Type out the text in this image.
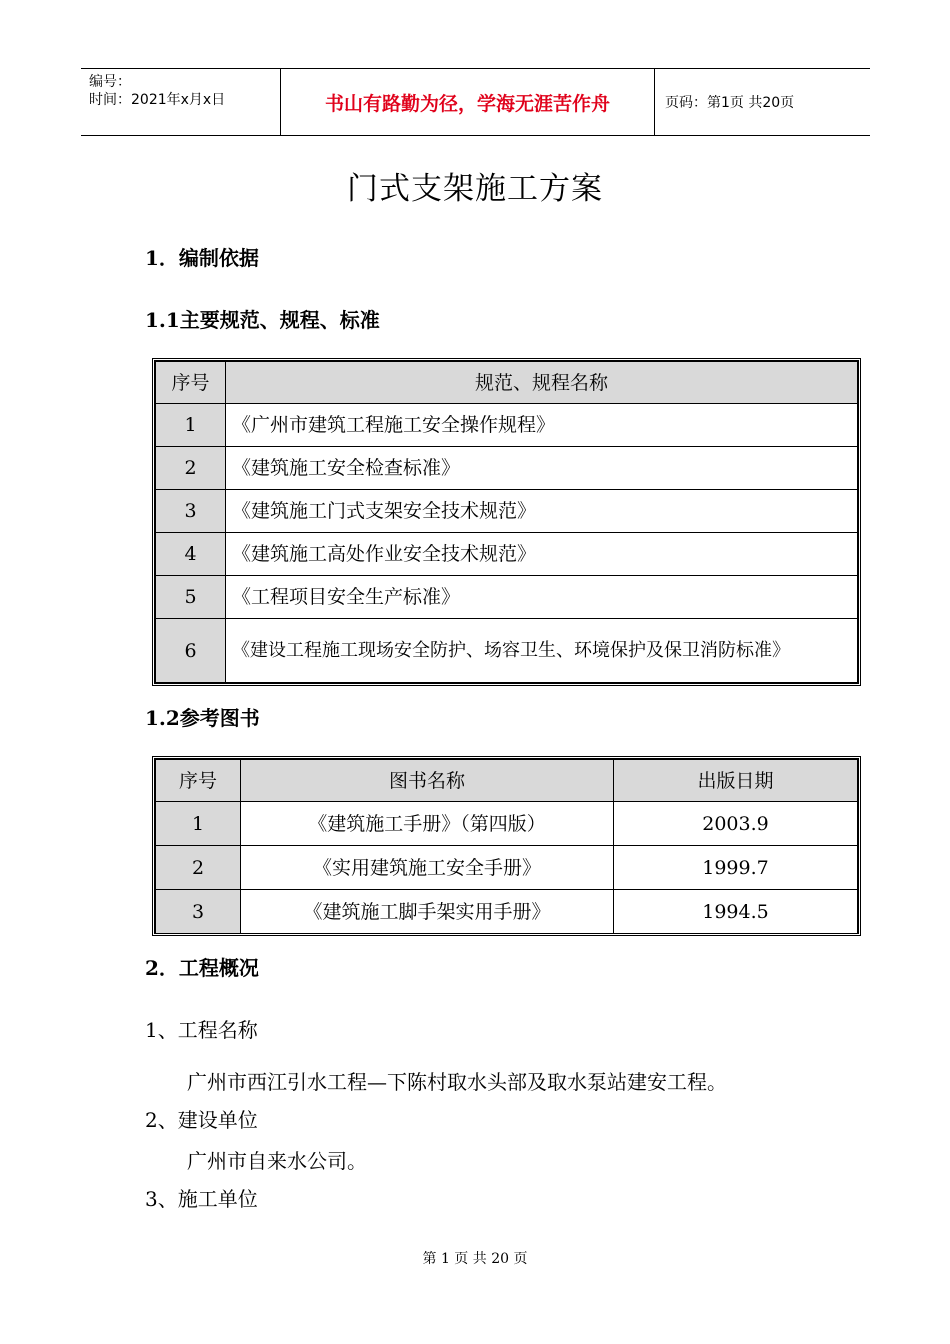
编号：
时间：2021年x月x日	书山有路勤为径，学海无涯苦作舟	页码：第1页 共20页
门式支架施工方案
1．编制依据
1.1主要规范、规程、标准
序号	规范、规程名称
1	《广州市建筑工程施工安全操作规程》
2	《建筑施工安全检查标准》
3	《建筑施工门式支架安全技术规范》
4	《建筑施工高处作业安全技术规范》
5	《工程项目安全生产标准》
6	《建设工程施工现场安全防护、场容卫生、环境保护及保卫消防标准》
1.2参考图书
序号	图书名称	出版日期
1	《建筑施工手册》（第四版）	2003.9
2	《实用建筑施工安全手册》	1999.7
3	《建筑施工脚手架实用手册》	1994.5
2．工程概况
1、工程名称
广州市西江引水工程—下陈村取水头部及取水泵站建安工程。
2、建设单位
广州市自来水公司。
3、施工单位
第 1 页 共 20 页
